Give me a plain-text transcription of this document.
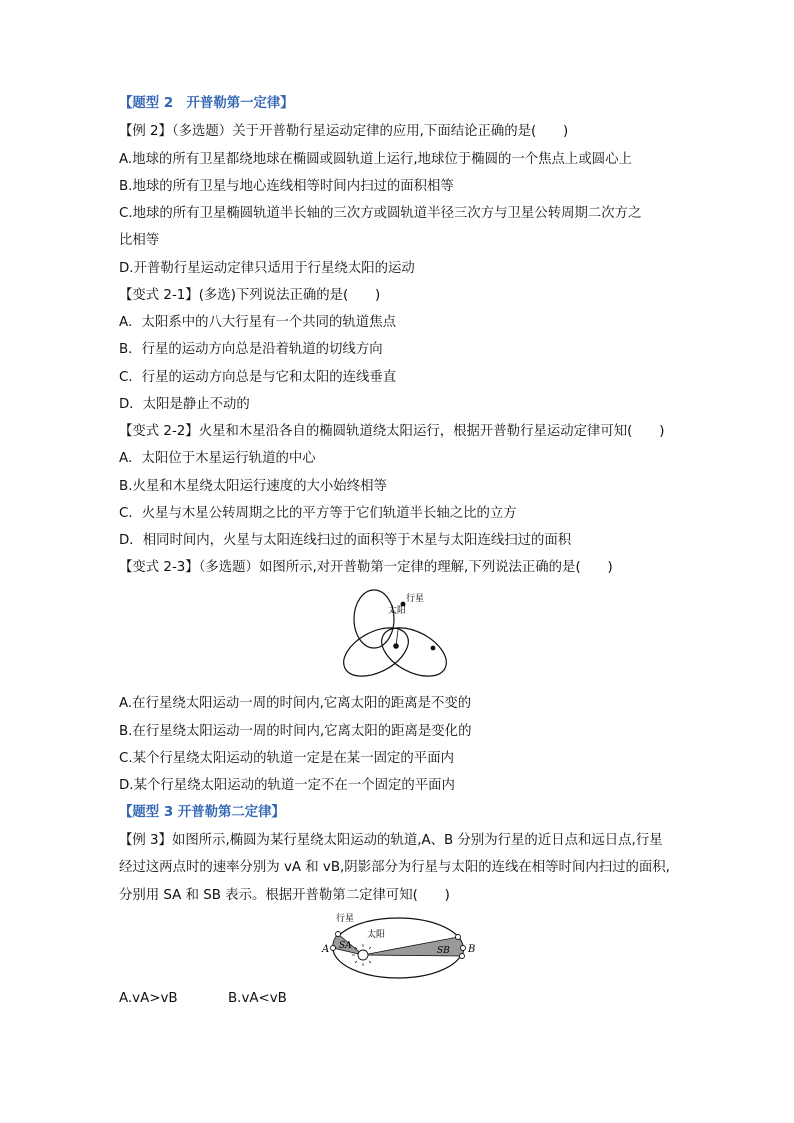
【题型 2　开普勒第一定律】
【例 2】（多选题）关于开普勒行星运动定律的应用,下面结论正确的是(　　)
A.地球的所有卫星都绕地球在椭圆或圆轨道上运行,地球位于椭圆的一个焦点上或圆心上
B.地球的所有卫星与地心连线相等时间内扫过的面积相等
C.地球的所有卫星椭圆轨道半长轴的三次方或圆轨道半径三次方与卫星公转周期二次方之
比相等
D.开普勒行星运动定律只适用于行星绕太阳的运动
【变式 2-1】(多选)下列说法正确的是(　　)
A．太阳系中的八大行星有一个共同的轨道焦点
B．行星的运动方向总是沿着轨道的切线方向
C．行星的运动方向总是与它和太阳的连线垂直
D．太阳是静止不动的
【变式 2-2】火星和木星沿各自的椭圆轨道绕太阳运行，根据开普勒行星运动定律可知(　　)
A．太阳位于木星运行轨道的中心
B.火星和木星绕太阳运行速度的大小始终相等
C．火星与木星公转周期之比的平方等于它们轨道半长轴之比的立方
D．相同时间内，火星与太阳连线扫过的面积等于木星与太阳连线扫过的面积
【变式 2-3】（多选题）如图所示,对开普勒第一定律的理解,下列说法正确的是(　　)
行星
太阳
A.在行星绕太阳运动一周的时间内,它离太阳的距离是不变的
B.在行星绕太阳运动一周的时间内,它离太阳的距离是变化的
C.某个行星绕太阳运动的轨道一定是在某一固定的平面内
D.某个行星绕太阳运动的轨道一定不在一个固定的平面内
【题型 3 开普勒第二定律】
【例 3】如图所示,椭圆为某行星绕太阳运动的轨道,A、B 分别为行星的近日点和远日点,行星
经过这两点时的速率分别为 vA 和 vB,阴影部分为行星与太阳的连线在相等时间内扫过的面积,
分别用 SA 和 SB 表示。根据开普勒第二定律可知(　　)
行星
太阳
A	B
SA	SB
A.vA>vB	B.vA<vB
